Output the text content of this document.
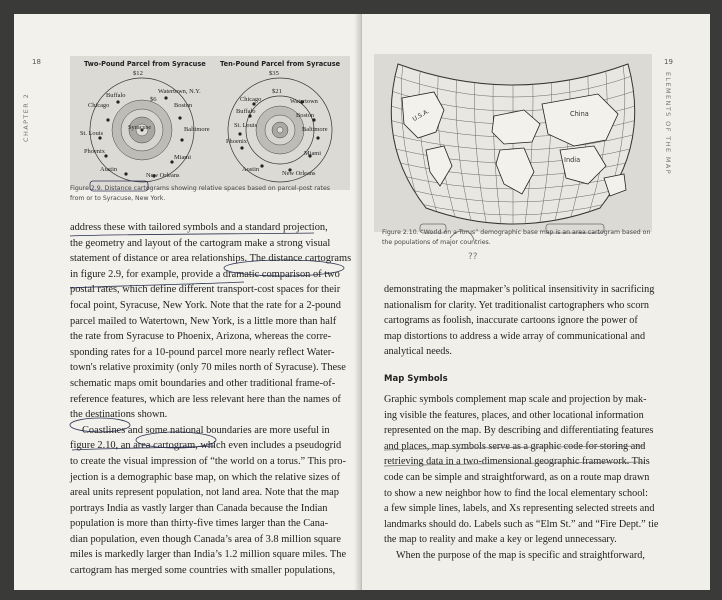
18
CHAPTER 2
Two-Pound Parcel from Syracuse
$12
$6
Syracuse
Buffalo
Watertown, N.Y.
Chicago	Boston
St. Louis
Baltimore
Phoenix
Miami
Austin
New Orleans
Ten-Pound Parcel from Syracuse
$35
$21
Chicago	Watertown
Buffalo
Boston
St. Louis
Baltimore
Phoenix
Miami
Austin
New Orleans
Figure 2.9. Distance cartograms showing relative spaces based on parcel-post rates
from or to Syracuse, New York.
address these with tailored symbols and a standard projection,
the geometry and layout of the cartogram make a strong visual
statement of distance or area relationships. The distance cartograms
in figure 2.9, for example, provide a dramatic comparison of two
postal rates, which define different transport-cost spaces for their
focal point, Syracuse, New York. Note that the rate for a 2-pound
parcel mailed to Watertown, New York, is a little more than half
the rate from Syracuse to Phoenix, Arizona, whereas the corre-
sponding rates for a 10-pound parcel more nearly reflect Water-
town's relative proximity (only 70 miles north of Syracuse). These
schematic maps omit boundaries and other traditional frame-of-
reference features, which are less relevant here than the names of
the destinations shown.
Coastlines and some national boundaries are more useful in
figure 2.10, an area cartogram, which even includes a pseudogrid
to create the visual impression of “the world on a torus.” This pro-
jection is a demographic base map, on which the relative sizes of
areal units represent population, not land area. Note that the map
portrays India as vastly larger than Canada because the Indian
population is more than thirty-five times larger than the Cana-
dian population, even though Canada’s area of 3.8 million square
miles is markedly larger than India’s 1.2 million square miles. The
cartogram has merged some countries with smaller populations,
19
ELEMENTS OF THE MAP
U.S.A.	China
India
Figure 2.10. “World on a Torus” demographic base map is an area cartogram based on
the populations of major countries.
??
demonstrating the mapmaker’s political insensitivity in sacrificing
nationalism for clarity. Yet traditionalist cartographers who scorn
cartograms as foolish, inaccurate cartoons ignore the power of
map distortions to address a wide array of communicational and
analytical needs.
Map Symbols
Graphic symbols complement map scale and projection by mak-
ing visible the features, places, and other locational information
represented on the map. By describing and differentiating features
and places, map symbols serve as a graphic code for storing and
retrieving data in a two-dimensional geographic framework. This
code can be simple and straightforward, as on a route map drawn
to show a new neighbor how to find the local elementary school:
a few simple lines, labels, and Xs representing selected streets and
landmarks should do. Labels such as “Elm St.” and “Fire Dept.” tie
the map to reality and make a key or legend unnecessary.
When the purpose of the map is specific and straightforward,
